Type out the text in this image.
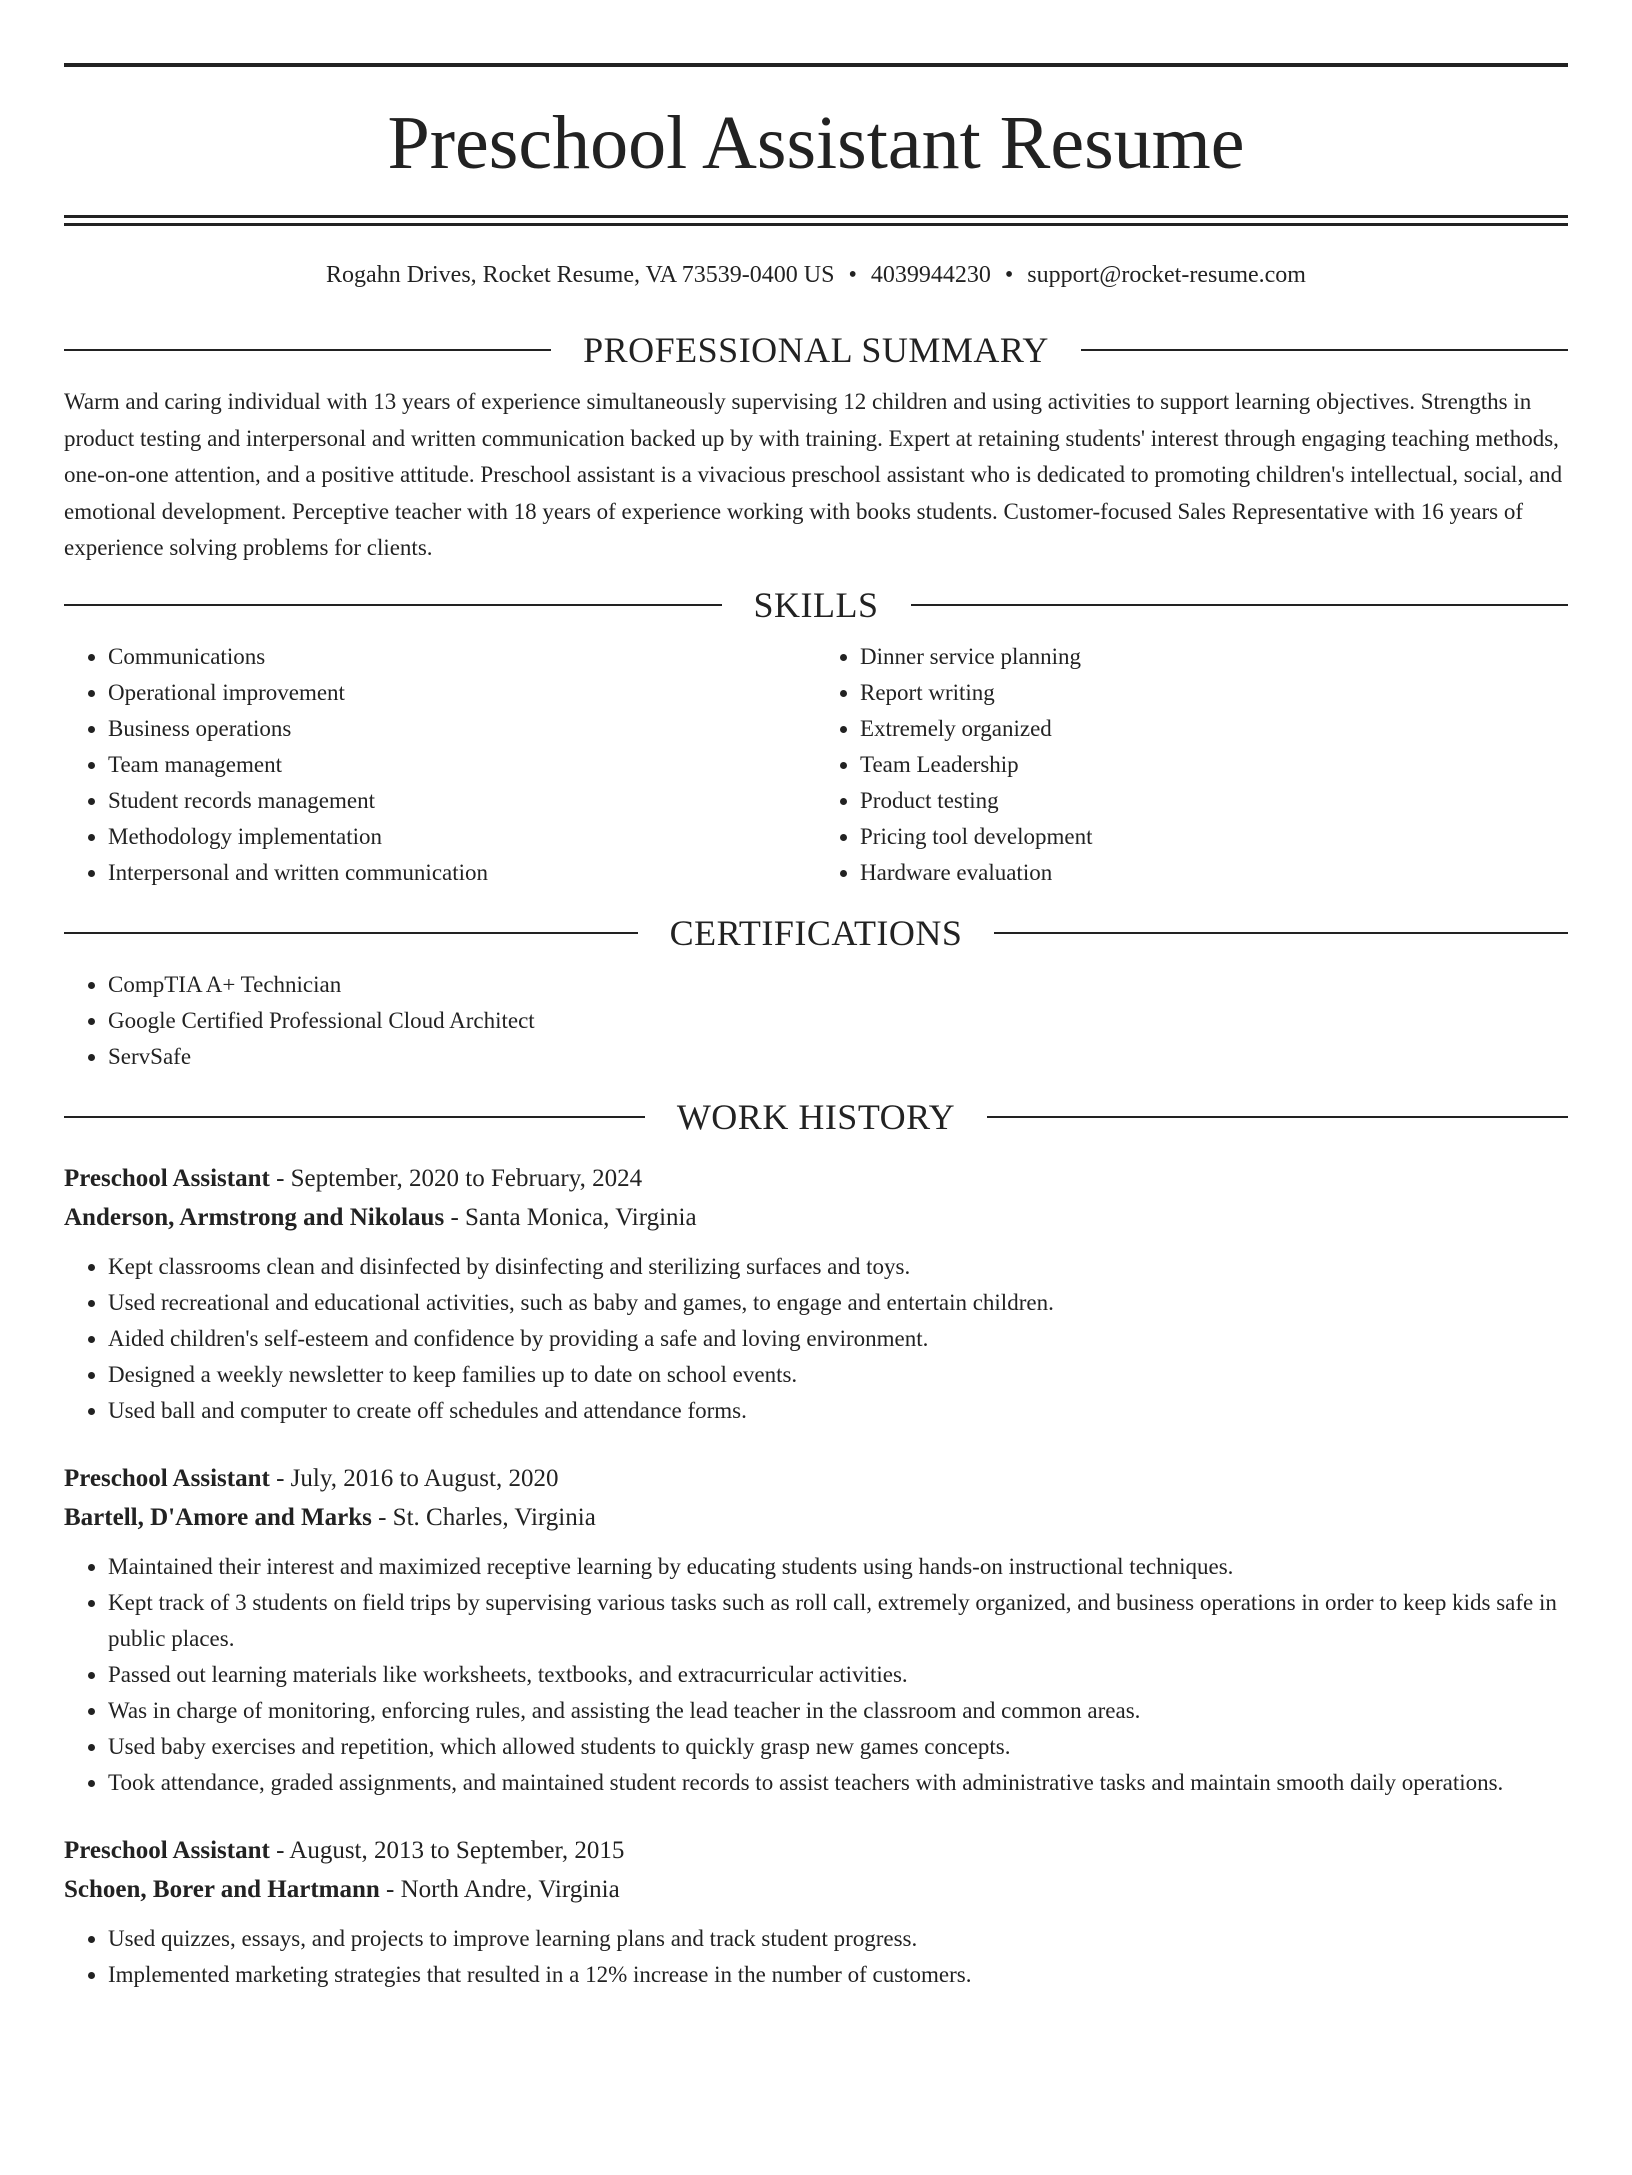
Preschool Assistant Resume
Rogahn Drives, Rocket Resume, VA 73539-0400 US • 4039944230 • support@rocket-resume.com
PROFESSIONAL SUMMARY

Warm and caring individual with 13 years of experience simultaneously supervising 12 children and using activities to support learning objectives. Strengths in product testing and interpersonal and written communication backed up by with training. Expert at retaining students' interest through engaging teaching methods, one-on-one attention, and a positive attitude. Preschool assistant is a vivacious preschool assistant who is dedicated to promoting children's intellectual, social, and emotional development. Perceptive teacher with 18 years of experience working with books students. Customer-focused Sales Representative with 16 years of experience solving problems for clients.

SKILLS
• Communications
• Operational improvement
• Business operations
• Team management
• Student records management
• Methodology implementation
• Interpersonal and written communication
• Dinner service planning
• Report writing
• Extremely organized
• Team Leadership
• Product testing
• Pricing tool development
• Hardware evaluation
CERTIFICATIONS
• CompTIA A+ Technician
• Google Certified Professional Cloud Architect
• ServSafe
WORK HISTORY
Preschool Assistant - September, 2020 to February, 2024
Anderson, Armstrong and Nikolaus - Santa Monica, Virginia
• Kept classrooms clean and disinfected by disinfecting and sterilizing surfaces and toys.
• Used recreational and educational activities, such as baby and games, to engage and entertain children.
• Aided children's self-esteem and confidence by providing a safe and loving environment.
• Designed a weekly newsletter to keep families up to date on school events.
• Used ball and computer to create off schedules and attendance forms.
Preschool Assistant - July, 2016 to August, 2020
Bartell, D'Amore and Marks - St. Charles, Virginia
• Maintained their interest and maximized receptive learning by educating students using hands-on instructional techniques.
• Kept track of 3 students on field trips by supervising various tasks such as roll call, extremely organized, and business operations in order to keep kids safe in public places.
• Passed out learning materials like worksheets, textbooks, and extracurricular activities.
• Was in charge of monitoring, enforcing rules, and assisting the lead teacher in the classroom and common areas.
• Used baby exercises and repetition, which allowed students to quickly grasp new games concepts.
• Took attendance, graded assignments, and maintained student records to assist teachers with administrative tasks and maintain smooth daily operations.
Preschool Assistant - August, 2013 to September, 2015
Schoen, Borer and Hartmann - North Andre, Virginia
• Used quizzes, essays, and projects to improve learning plans and track student progress.
• Implemented marketing strategies that resulted in a 12% increase in the number of customers.
